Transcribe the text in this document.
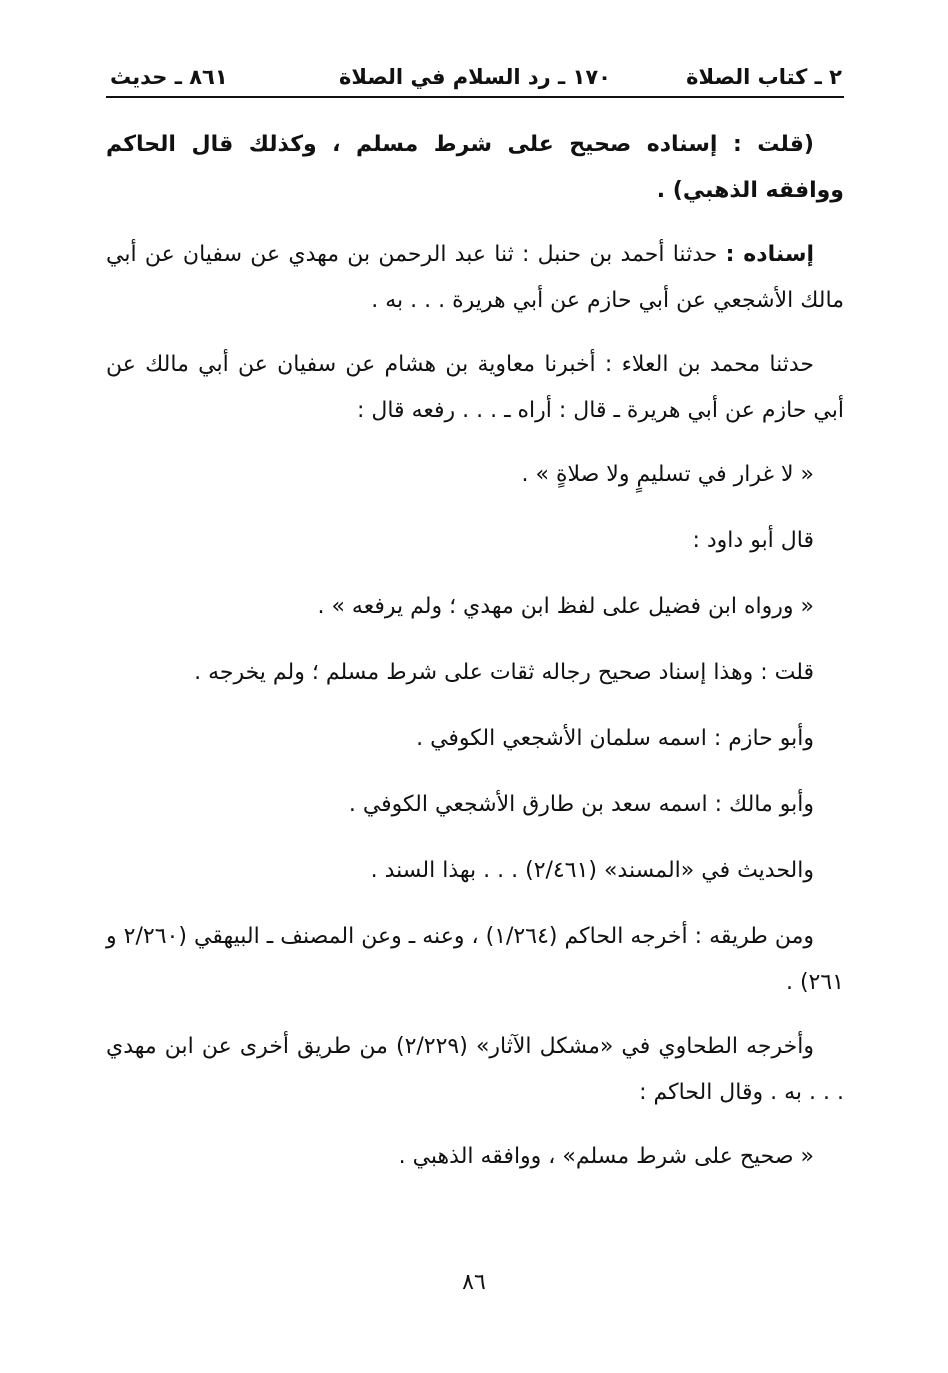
٢ ـ كتاب الصلاة
١٧٠ ـ رد السلام في الصلاة
٨٦١ ـ حديث

(قلت : إسناده صحيح على شرط مسلم ، وكذلك قال الحاكم ووافقه الذهبي) .

إسناده : حدثنا أحمد بن حنبل : ثنا عبد الرحمن بن مهدي عن سفيان عن أبي مالك الأشجعي عن أبي حازم عن أبي هريرة . . . به .

حدثنا محمد بن العلاء : أخبرنا معاوية بن هشام عن سفيان عن أبي مالك عن أبي حازم عن أبي هريرة ـ قال : أراه ـ . . . رفعه قال :

« لا غرار في تسليمٍ ولا صلاةٍ » .

قال أبو داود :

« ورواه ابن فضيل على لفظ ابن مهدي ؛ ولم يرفعه » .

قلت : وهذا إسناد صحيح رجاله ثقات على شرط مسلم ؛ ولم يخرجه .

وأبو حازم : اسمه سلمان الأشجعي الكوفي .

وأبو مالك : اسمه سعد بن طارق الأشجعي الكوفي .

والحديث في «المسند» (٢/٤٦١) . . . بهذا السند .

ومن طريقه : أخرجه الحاكم (١/٢٦٤) ، وعنه ـ وعن المصنف ـ البيهقي (٢/٢٦٠ و ٢٦١) .

وأخرجه الطحاوي في «مشكل الآثار» (٢/٢٢٩) من طريق أخرى عن ابن مهدي . . . به . وقال الحاكم :

« صحيح على شرط مسلم» ، ووافقه الذهبي .

٨٦
